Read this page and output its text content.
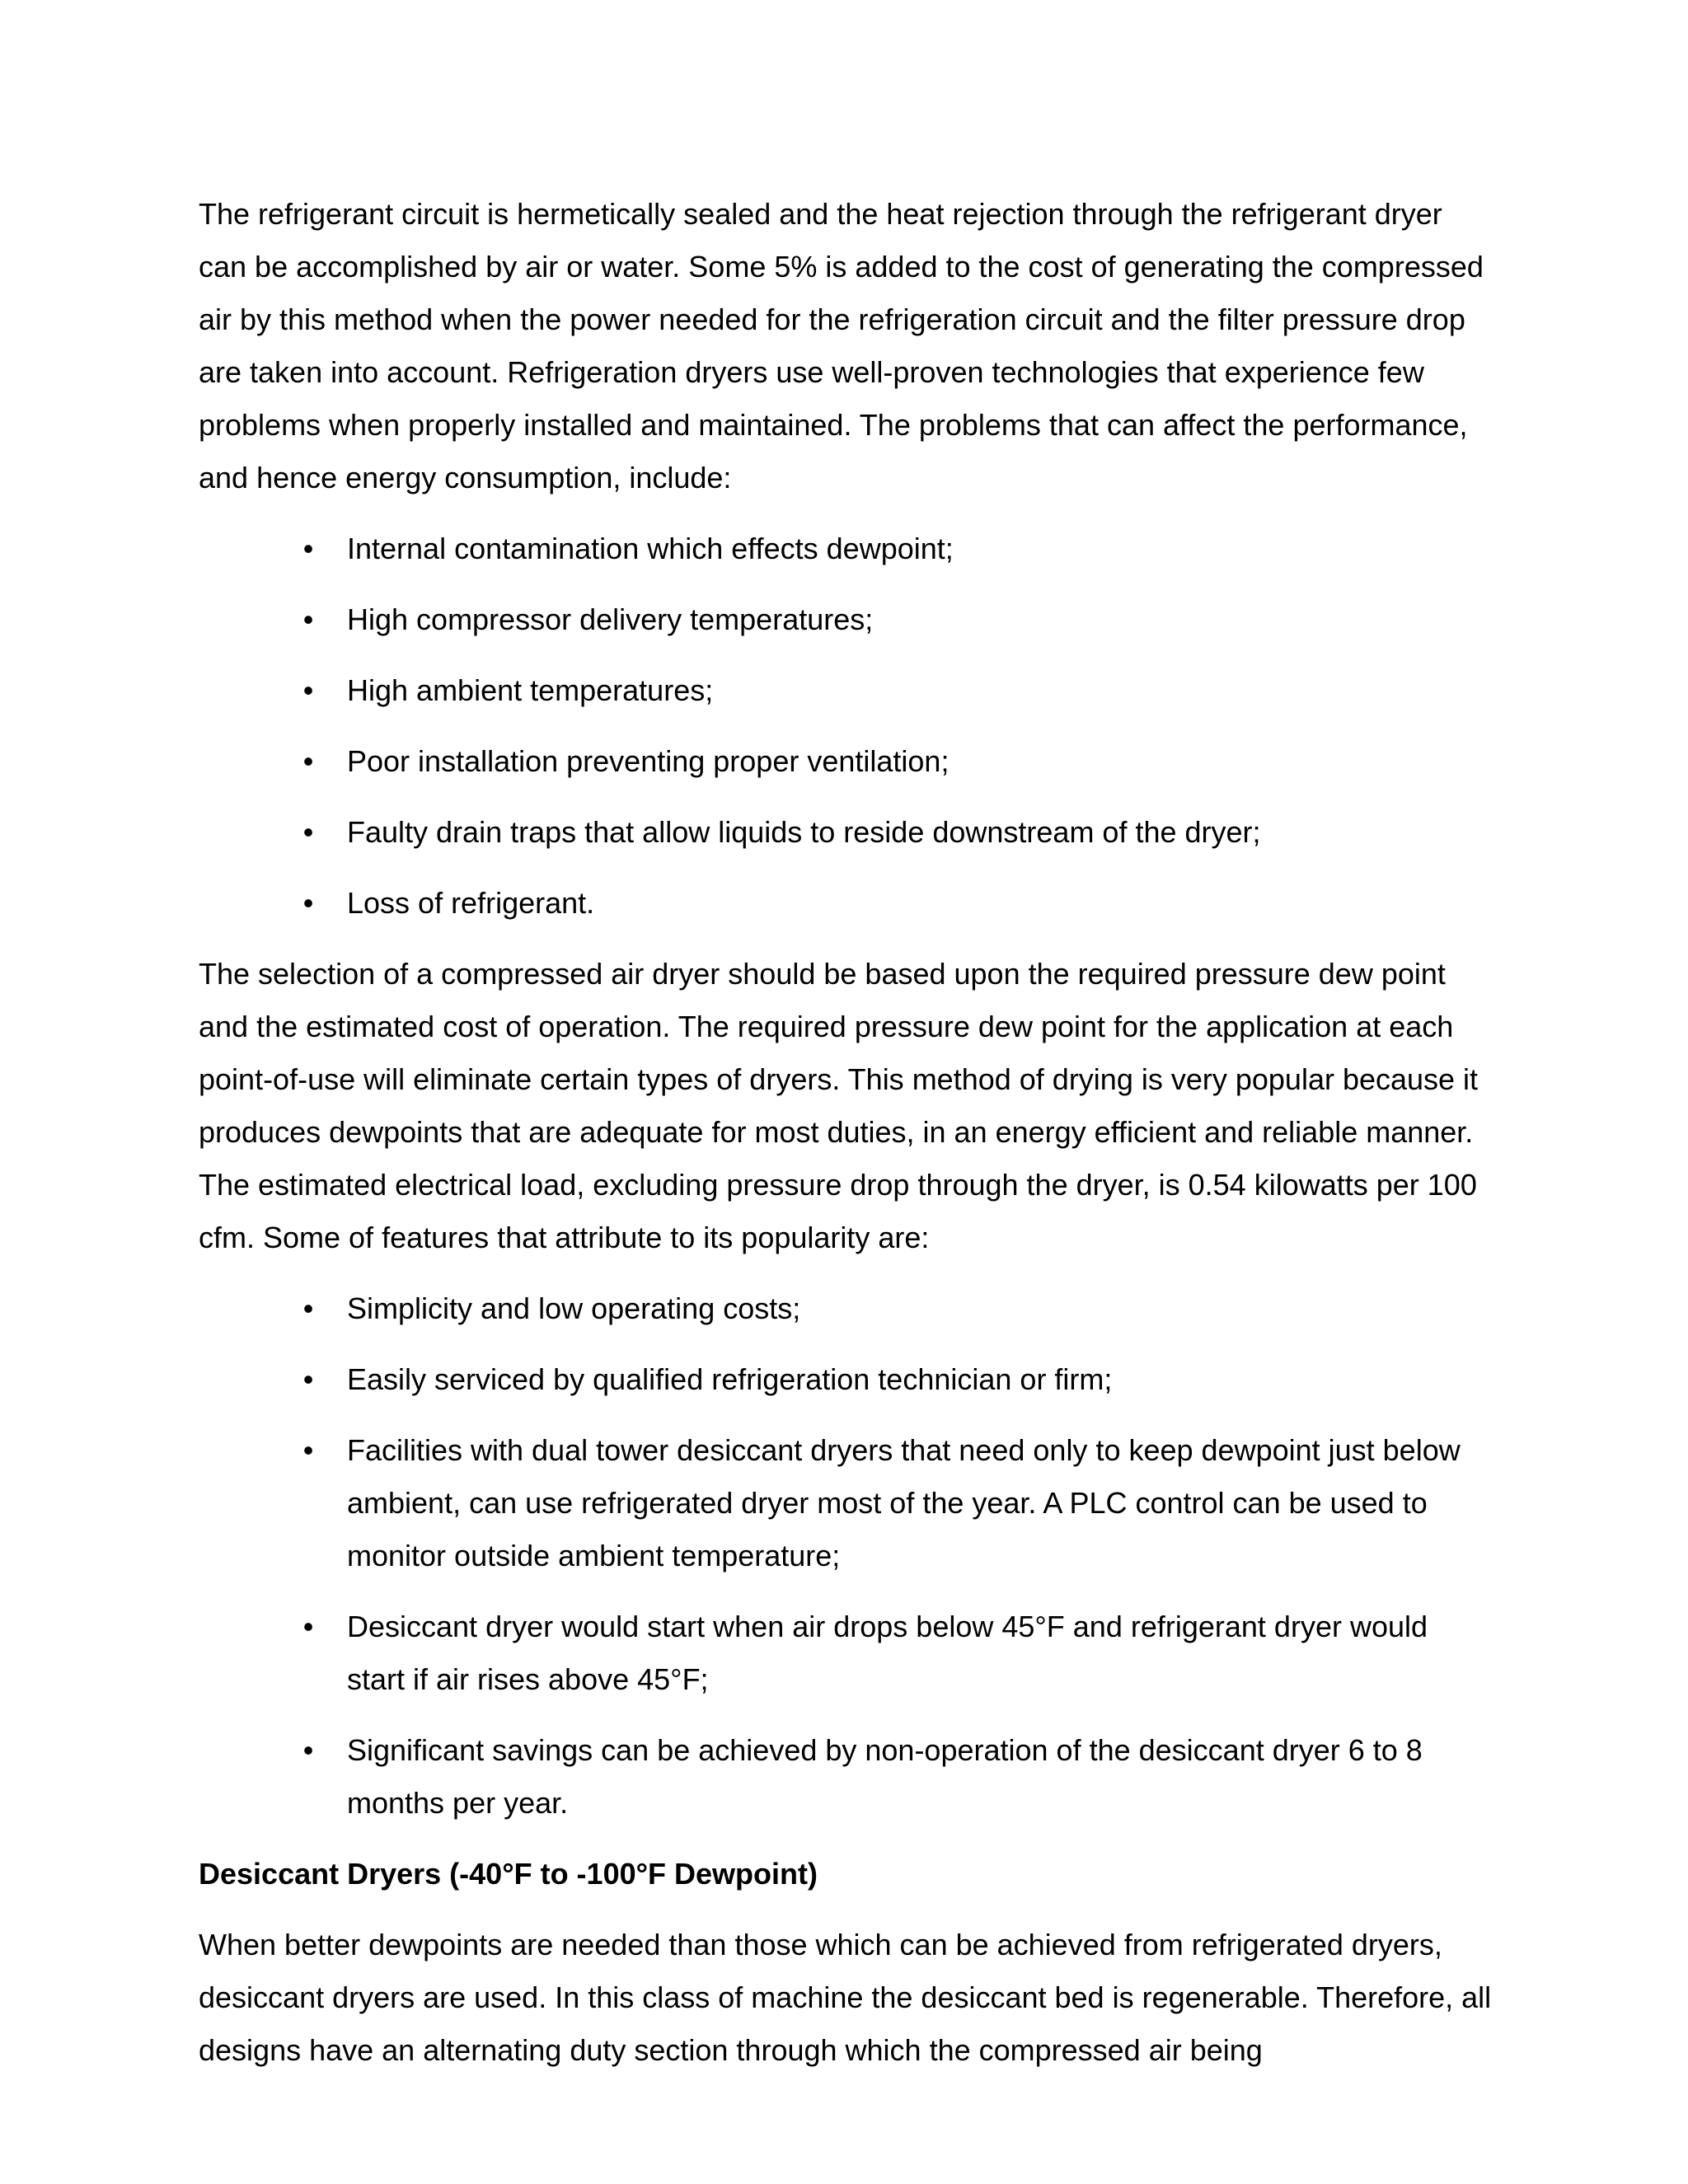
The refrigerant circuit is hermetically sealed and the heat rejection through the refrigerant dryer can be accomplished by air or water. Some 5% is added to the cost of generating the compressed air by this method when the power needed for the refrigeration circuit and the filter pressure drop are taken into account. Refrigeration dryers use well-proven technologies that experience few problems when properly installed and maintained. The problems that can affect the performance, and hence energy consumption, include:

• Internal contamination which effects dewpoint;
• High compressor delivery temperatures;
• High ambient temperatures;
• Poor installation preventing proper ventilation;
• Faulty drain traps that allow liquids to reside downstream of the dryer;
• Loss of refrigerant.

The selection of a compressed air dryer should be based upon the required pressure dew point and the estimated cost of operation. The required pressure dew point for the application at each point-of-use will eliminate certain types of dryers. This method of drying is very popular because it produces dewpoints that are adequate for most duties, in an energy efficient and reliable manner. The estimated electrical load, excluding pressure drop through the dryer, is 0.54 kilowatts per 100 cfm. Some of features that attribute to its popularity are:

• Simplicity and low operating costs;
• Easily serviced by qualified refrigeration technician or firm;
• Facilities with dual tower desiccant dryers that need only to keep dewpoint just below ambient, can use refrigerated dryer most of the year. A PLC control can be used to monitor outside ambient temperature;
• Desiccant dryer would start when air drops below 45°F and refrigerant dryer would start if air rises above 45°F;
• Significant savings can be achieved by non-operation of the desiccant dryer 6 to 8 months per year.
Desiccant Dryers (-40°F to -100°F Dewpoint)

When better dewpoints are needed than those which can be achieved from refrigerated dryers, desiccant dryers are used. In this class of machine the desiccant bed is regenerable. Therefore, all designs have an alternating duty section through which the compressed air being
